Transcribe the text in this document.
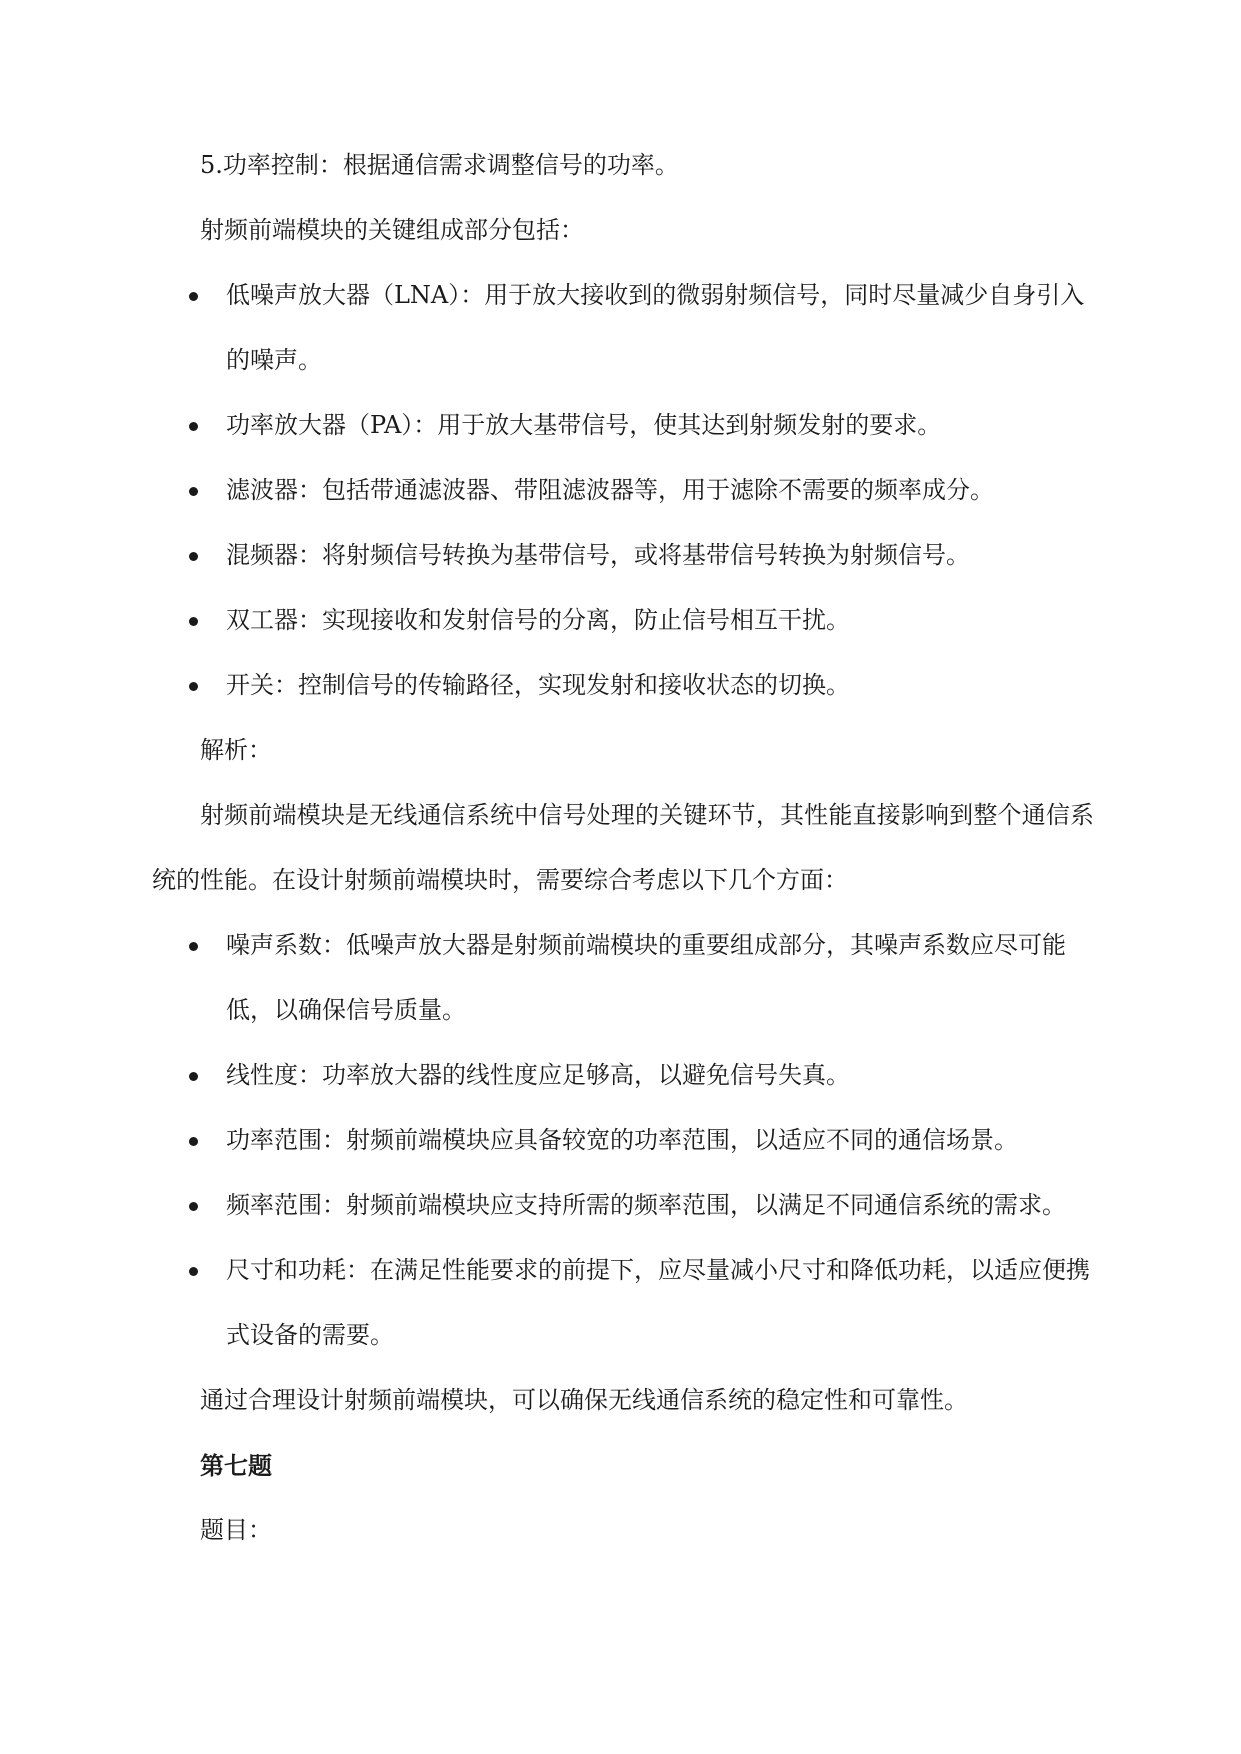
5.功率控制：根据通信需求调整信号的功率。

射频前端模块的关键组成部分包括：

低噪声放大器（LNA）：用于放大接收到的微弱射频信号，同时尽量减少自身引入的噪声。
功率放大器（PA）：用于放大基带信号，使其达到射频发射的要求。
滤波器：包括带通滤波器、带阻滤波器等，用于滤除不需要的频率成分。
混频器：将射频信号转换为基带信号，或将基带信号转换为射频信号。
双工器：实现接收和发射信号的分离，防止信号相互干扰。
开关：控制信号的传输路径，实现发射和接收状态的切换。

解析：

射频前端模块是无线通信系统中信号处理的关键环节，其性能直接影响到整个通信系统的性能。在设计射频前端模块时，需要综合考虑以下几个方面：

噪声系数：低噪声放大器是射频前端模块的重要组成部分，其噪声系数应尽可能低，以确保信号质量。
线性度：功率放大器的线性度应足够高，以避免信号失真。
功率范围：射频前端模块应具备较宽的功率范围，以适应不同的通信场景。
频率范围：射频前端模块应支持所需的频率范围，以满足不同通信系统的需求。
尺寸和功耗：在满足性能要求的前提下，应尽量减小尺寸和降低功耗，以适应便携式设备的需要。

通过合理设计射频前端模块，可以确保无线通信系统的稳定性和可靠性。

第七题

题目：
